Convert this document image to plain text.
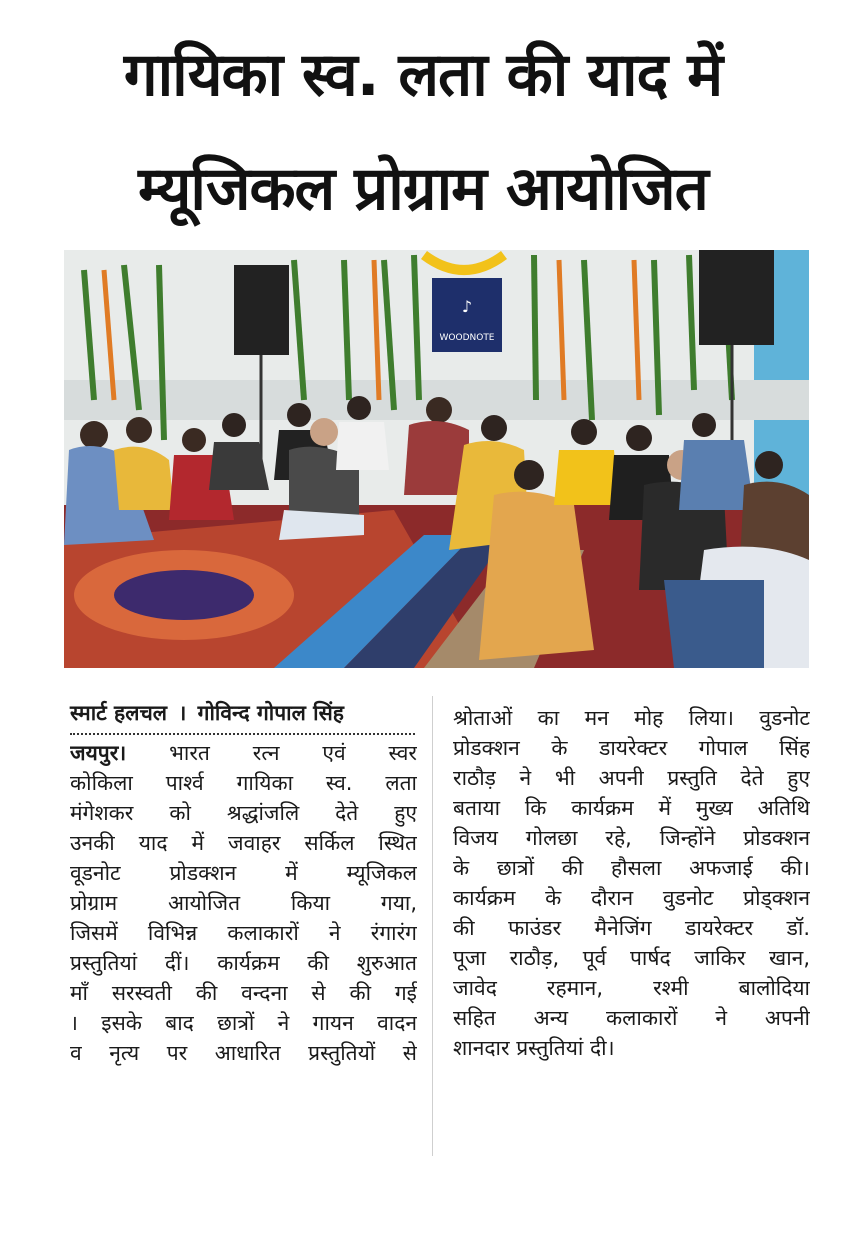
गायिका स्व. लता की याद में
म्यूजिकल प्रोग्राम आयोजित
♪
WOODNOTE
स्मार्ट हलचल । गोविन्द गोपाल सिंह
जयपुर। भारत रत्न एवं स्वर
कोकिला पार्श्व गायिका स्व. लता
मंगेशकर को श्रद्धांजलि देते हुए
उनकी याद में जवाहर सर्किल स्थित
वूडनोट प्रोडक्शन में म्यूजिकल
प्रोग्राम आयोजित किया गया,
जिसमें विभिन्न कलाकारों ने रंगारंग
प्रस्तुतियां दीं। कार्यक्रम की शुरुआत
माँ सरस्वती की वन्दना से की गई
। इसके बाद छात्रों ने गायन वादन
व नृत्य पर आधारित प्रस्तुतियों से
श्रोताओं का मन मोह लिया। वुडनोट
प्रोडक्शन के डायरेक्टर गोपाल सिंह
राठौड़ ने भी अपनी प्रस्तुति देते हुए
बताया कि कार्यक्रम में मुख्य अतिथि
विजय गोलछा रहे, जिन्होंने प्रोडक्शन
के छात्रों की हौसला अफजाई की।
कार्यक्रम के दौरान वुडनोट प्रोड्क्शन
की फाउंडर मैनेजिंग डायरेक्टर डॉ.
पूजा राठौड़, पूर्व पार्षद जाकिर खान,
जावेद रहमान, रश्मी बालोदिया
सहित अन्य कलाकारों ने अपनी
शानदार प्रस्तुतियां दी।
